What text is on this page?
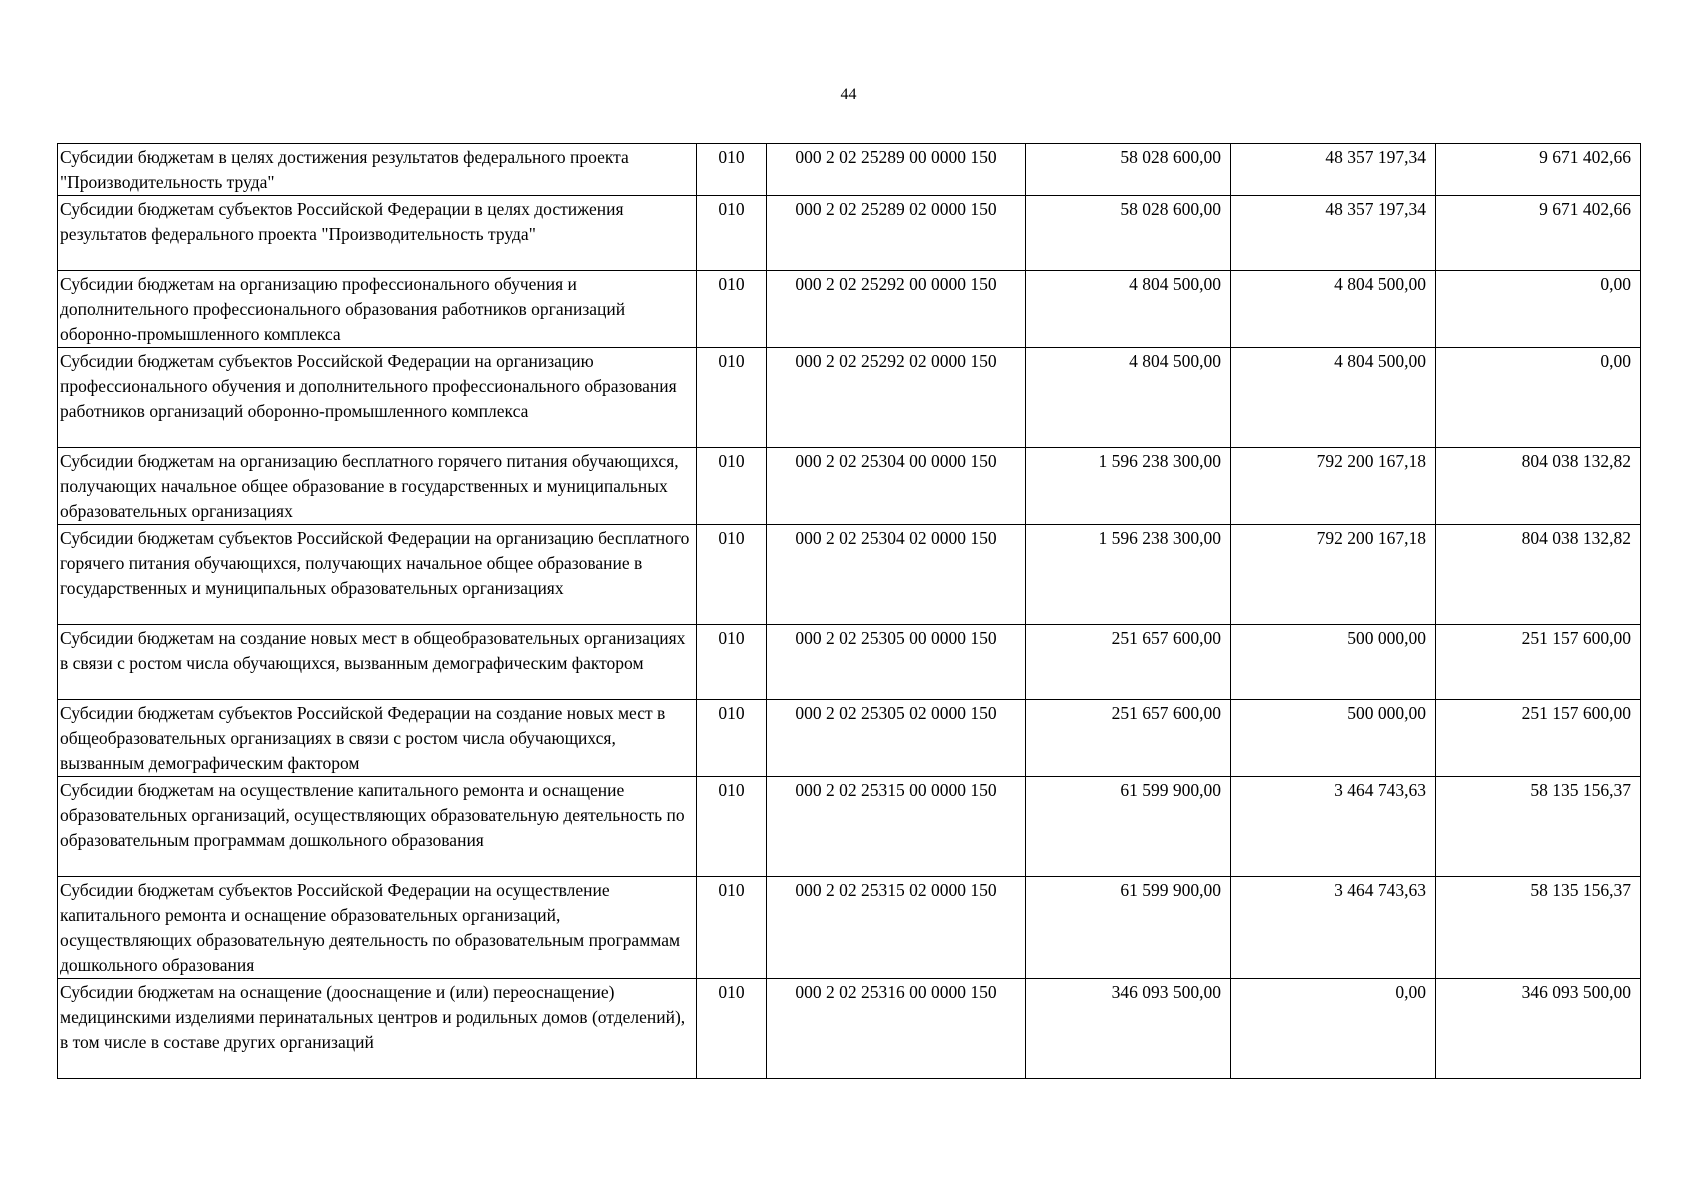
44
Субсидии бюджетам в целях достижения результатов федерального проекта "Производительность труда"	010	000 2 02 25289 00 0000 150	58 028 600,00	48 357 197,34	9 671 402,66
Субсидии бюджетам субъектов Российской Федерации в целях достижения результатов федерального проекта "Производительность труда"	010	000 2 02 25289 02 0000 150	58 028 600,00	48 357 197,34	9 671 402,66
Субсидии бюджетам на организацию профессионального обучения и дополнительного профессионального образования работников организаций оборонно-промышленного комплекса	010	000 2 02 25292 00 0000 150	4 804 500,00	4 804 500,00	0,00
Субсидии бюджетам субъектов Российской Федерации на организацию профессионального обучения и дополнительного профессионального образования работников организаций оборонно-промышленного комплекса	010	000 2 02 25292 02 0000 150	4 804 500,00	4 804 500,00	0,00
Субсидии бюджетам на организацию бесплатного горячего питания обучающихся, получающих начальное общее образование в государственных и муниципальных образовательных организациях	010	000 2 02 25304 00 0000 150	1 596 238 300,00	792 200 167,18	804 038 132,82
Субсидии бюджетам субъектов Российской Федерации на организацию бесплатного горячего питания обучающихся, получающих начальное общее образование в государственных и муниципальных образовательных организациях	010	000 2 02 25304 02 0000 150	1 596 238 300,00	792 200 167,18	804 038 132,82
Субсидии бюджетам на создание новых мест в общеобразовательных организациях в связи с ростом числа обучающихся, вызванным демографическим фактором	010	000 2 02 25305 00 0000 150	251 657 600,00	500 000,00	251 157 600,00
Субсидии бюджетам субъектов Российской Федерации на создание новых мест в общеобразовательных организациях в связи с ростом числа обучающихся, вызванным демографическим фактором	010	000 2 02 25305 02 0000 150	251 657 600,00	500 000,00	251 157 600,00
Субсидии бюджетам на осуществление капитального ремонта и оснащение образовательных организаций, осуществляющих образовательную деятельность по образовательным программам дошкольного образования	010	000 2 02 25315 00 0000 150	61 599 900,00	3 464 743,63	58 135 156,37
Субсидии бюджетам субъектов Российской Федерации на осуществление капитального ремонта и оснащение образовательных организаций, осуществляющих образовательную деятельность по образовательным программам дошкольного образования	010	000 2 02 25315 02 0000 150	61 599 900,00	3 464 743,63	58 135 156,37
Субсидии бюджетам на оснащение (дооснащение и (или) переоснащение) медицинскими изделиями перинатальных центров и родильных домов (отделений), в том числе в составе других организаций	010	000 2 02 25316 00 0000 150	346 093 500,00	0,00	346 093 500,00
